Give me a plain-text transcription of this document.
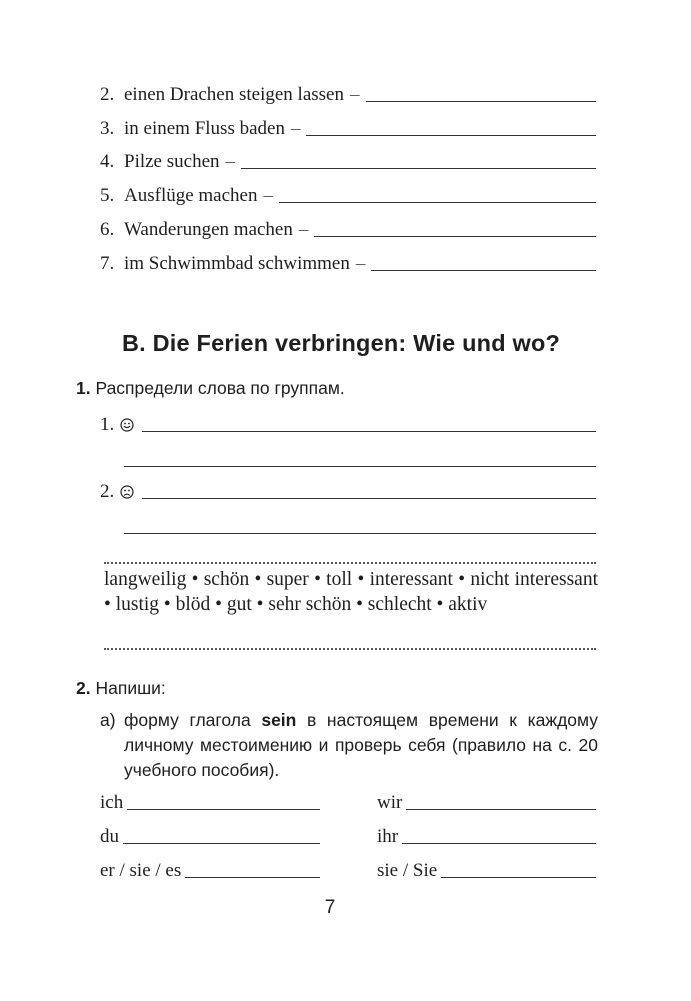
2. einen Drachen steigen lassen –
3. in einem Fluss baden –
4. Pilze suchen –
5. Ausflüge machen –
6. Wanderungen machen –
7. im Schwimmbad schwimmen –
B. Die Ferien verbringen: Wie und wo?
1. Распредели слова по группам.
1.
2.
langweilig • schön • super • toll • interessant • nicht interessant • lustig • blöd • gut • sehr schön • schlecht • aktiv
2. Напиши:
а) форму глагола sein в настоящем времени к каждому личному местоимению и проверь себя (правило на с. 20 учебного пособия).
ich
du
er / sie / es
wir
ihr
sie / Sie
7
